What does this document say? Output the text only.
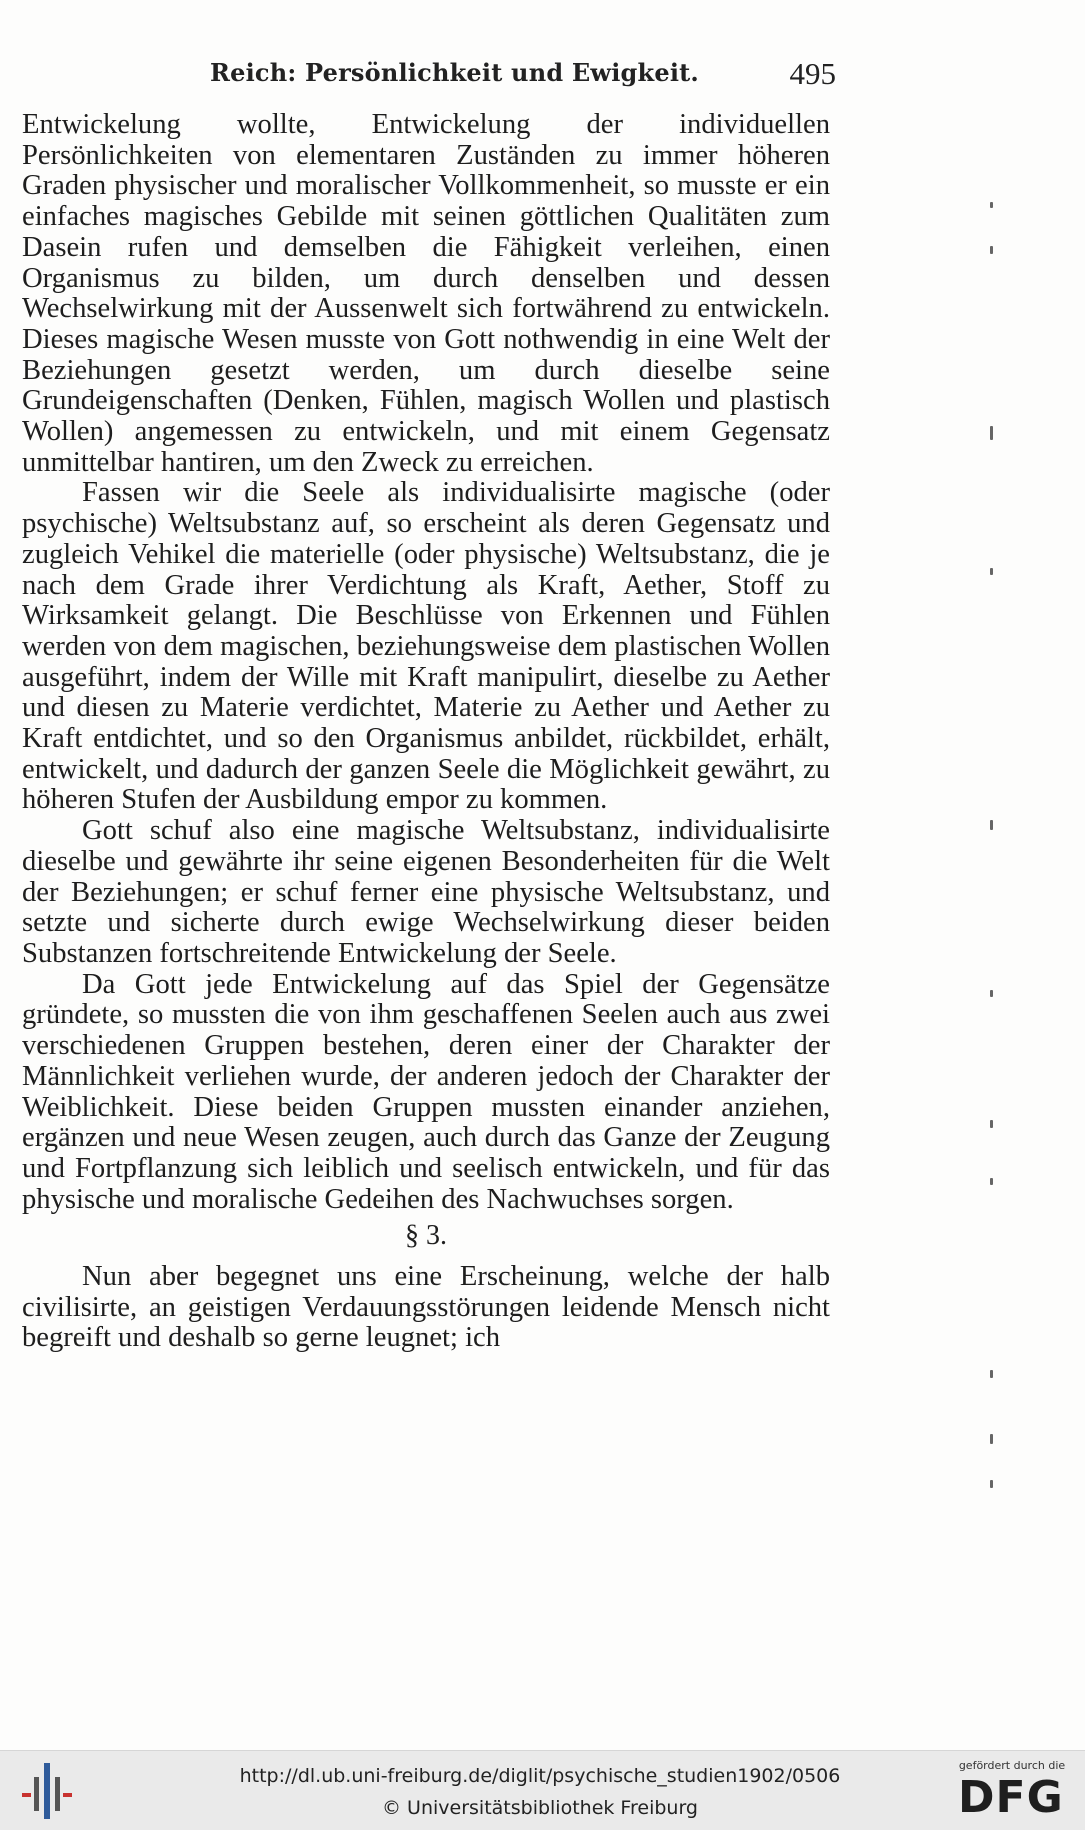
Reich: Persönlichkeit und Ewigkeit.	495

Entwickelung wollte, Entwickelung der individuellen Persönlichkeiten von elementaren Zuständen zu immer höheren Graden physischer und moralischer Vollkommenheit, so musste er ein einfaches magisches Gebilde mit seinen göttlichen Qualitäten zum Dasein rufen und demselben die Fähigkeit verleihen, einen Organismus zu bilden, um durch denselben und dessen Wechselwirkung mit der Aussenwelt sich fortwährend zu entwickeln. Dieses magische Wesen musste von Gott nothwendig in eine Welt der Beziehungen gesetzt werden, um durch dieselbe seine Grundeigenschaften (Denken, Fühlen, magisch Wollen und plastisch Wollen) angemessen zu entwickeln, und mit einem Gegensatz unmittelbar hantiren, um den Zweck zu erreichen.

Fassen wir die Seele als individualisirte magische (oder psychische) Weltsubstanz auf, so erscheint als deren Gegensatz und zugleich Vehikel die materielle (oder physische) Weltsubstanz, die je nach dem Grade ihrer Verdichtung als Kraft, Aether, Stoff zu Wirksamkeit gelangt. Die Beschlüsse von Erkennen und Fühlen werden von dem magischen, beziehungsweise dem plastischen Wollen ausgeführt, indem der Wille mit Kraft manipulirt, dieselbe zu Aether und diesen zu Materie verdichtet, Materie zu Aether und Aether zu Kraft entdichtet, und so den Organismus anbildet, rückbildet, erhält, entwickelt, und dadurch der ganzen Seele die Möglichkeit gewährt, zu höheren Stufen der Ausbildung empor zu kommen.

Gott schuf also eine magische Weltsubstanz, individualisirte dieselbe und gewährte ihr seine eigenen Besonderheiten für die Welt der Beziehungen; er schuf ferner eine physische Weltsubstanz, und setzte und sicherte durch ewige Wechselwirkung dieser beiden Substanzen fortschreitende Entwickelung der Seele.

Da Gott jede Entwickelung auf das Spiel der Gegensätze gründete, so mussten die von ihm geschaffenen Seelen auch aus zwei verschiedenen Gruppen bestehen, deren einer der Charakter der Männlichkeit verliehen wurde, der anderen jedoch der Charakter der Weiblichkeit. Diese beiden Gruppen mussten einander anziehen, ergänzen und neue Wesen zeugen, auch durch das Ganze der Zeugung und Fortpflanzung sich leiblich und seelisch entwickeln, und für das physische und moralische Gedeihen des Nachwuchses sorgen.

§ 3.

Nun aber begegnet uns eine Erscheinung, welche der halb civilisirte, an geistigen Verdauungsstörungen leidende Mensch nicht begreift und deshalb so gerne leugnet; ich

http://dl.ub.uni-freiburg.de/diglit/psychische_studien1902/0506
© Universitätsbibliothek Freiburg
gefördert durch die
DFG
